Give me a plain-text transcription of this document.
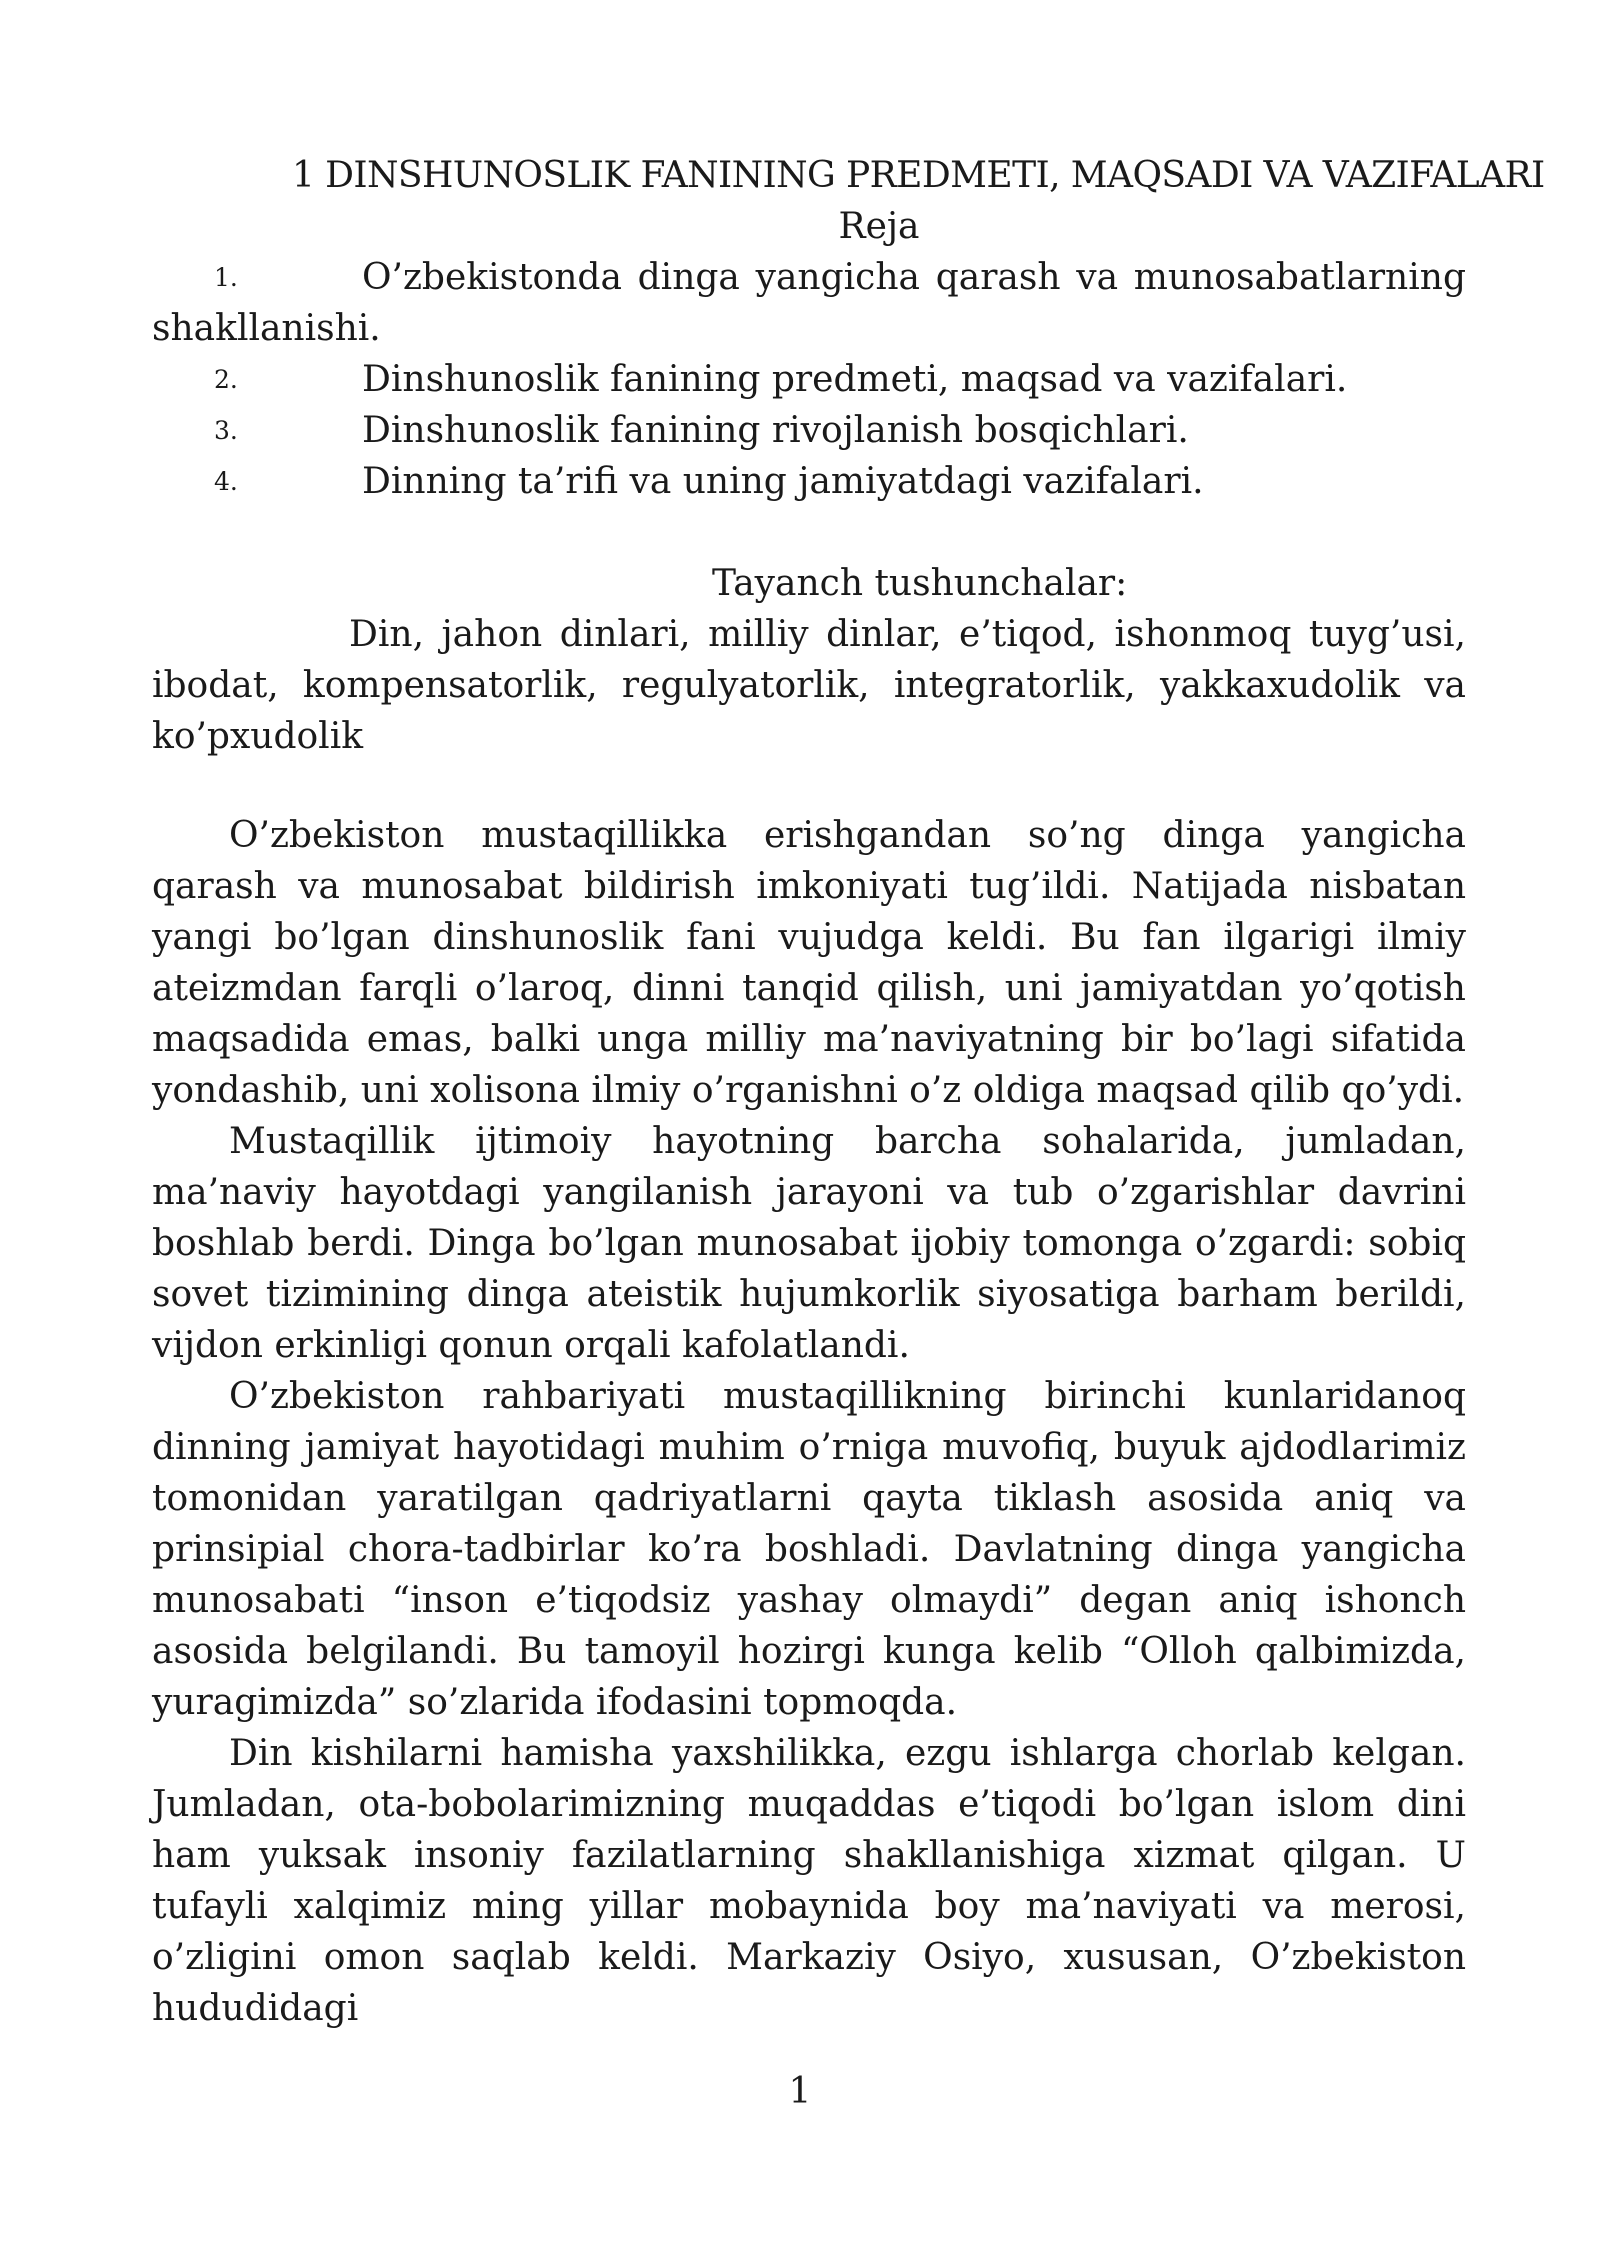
1 DINSHUNOSLIK FANINING PREDMETI, MAQSADI VA VAZIFALARI
Reja
1.	O’zbekistonda dinga yangicha qarash va munosabatlarning shakllanishi.
2.	Dinshunoslik fanining predmeti, maqsad va vazifalari.
3.	Dinshunoslik fanining rivojlanish bosqichlari.
4.	Dinning ta’rifi va uning jamiyatdagi vazifalari.
Tayanch tushunchalar:

Din, jahon dinlari, milliy dinlar, e’tiqod, ishonmoq tuyg’usi, ibodat, kompensatorlik, regulyatorlik, integratorlik, yakkaxudolik va ko’pxudolik

O’zbekiston mustaqillikka erishgandan so’ng dinga yangicha qarash va munosabat bildirish imkoniyati tug’ildi. Natijada nisbatan yangi bo’lgan dinshunoslik fani vujudga keldi. Bu fan ilgarigi ilmiy ateizmdan farqli o’laroq, dinni tanqid qilish, uni jamiyatdan yo’qotish maqsadida emas, balki unga milliy ma’naviyatning bir bo’lagi sifatida yondashib, uni xolisona ilmiy o’rganishni o’z oldiga maqsad qilib qo’ydi.

Mustaqillik ijtimoiy hayotning barcha sohalarida, jumladan, ma’naviy hayotdagi yangilanish jarayoni va tub o’zgarishlar davrini boshlab berdi. Dinga bo’lgan munosabat ijobiy tomonga o’zgardi: sobiq sovet tizimining dinga ateistik hujumkorlik siyosatiga barham berildi, vijdon erkinligi qonun orqali kafolatlandi.

O’zbekiston rahbariyati mustaqillikning birinchi kunlaridanoq dinning jamiyat hayotidagi muhim o’rniga muvofiq, buyuk ajdodlarimiz tomonidan yaratilgan qadriyatlarni qayta tiklash asosida aniq va prinsipial chora-tadbirlar ko’ra boshladi. Davlatning dinga yangicha munosabati “inson e’tiqodsiz yashay olmaydi” degan aniq ishonch asosida belgilandi. Bu tamoyil hozirgi kunga kelib “Olloh qalbimizda, yuragimizda” so’zlarida ifodasini topmoqda.

Din kishilarni hamisha yaxshilikka, ezgu ishlarga chorlab kelgan. Jumladan, ota-bobolarimizning muqaddas e’tiqodi bo’lgan islom dini ham yuksak insoniy fazilatlarning shakllanishiga xizmat qilgan. U tufayli xalqimiz ming yillar mobaynida boy ma’naviyati va merosi, o’zligini omon saqlab keldi. Markaziy Osiyo, xususan, O’zbekiston hududidagi

1
